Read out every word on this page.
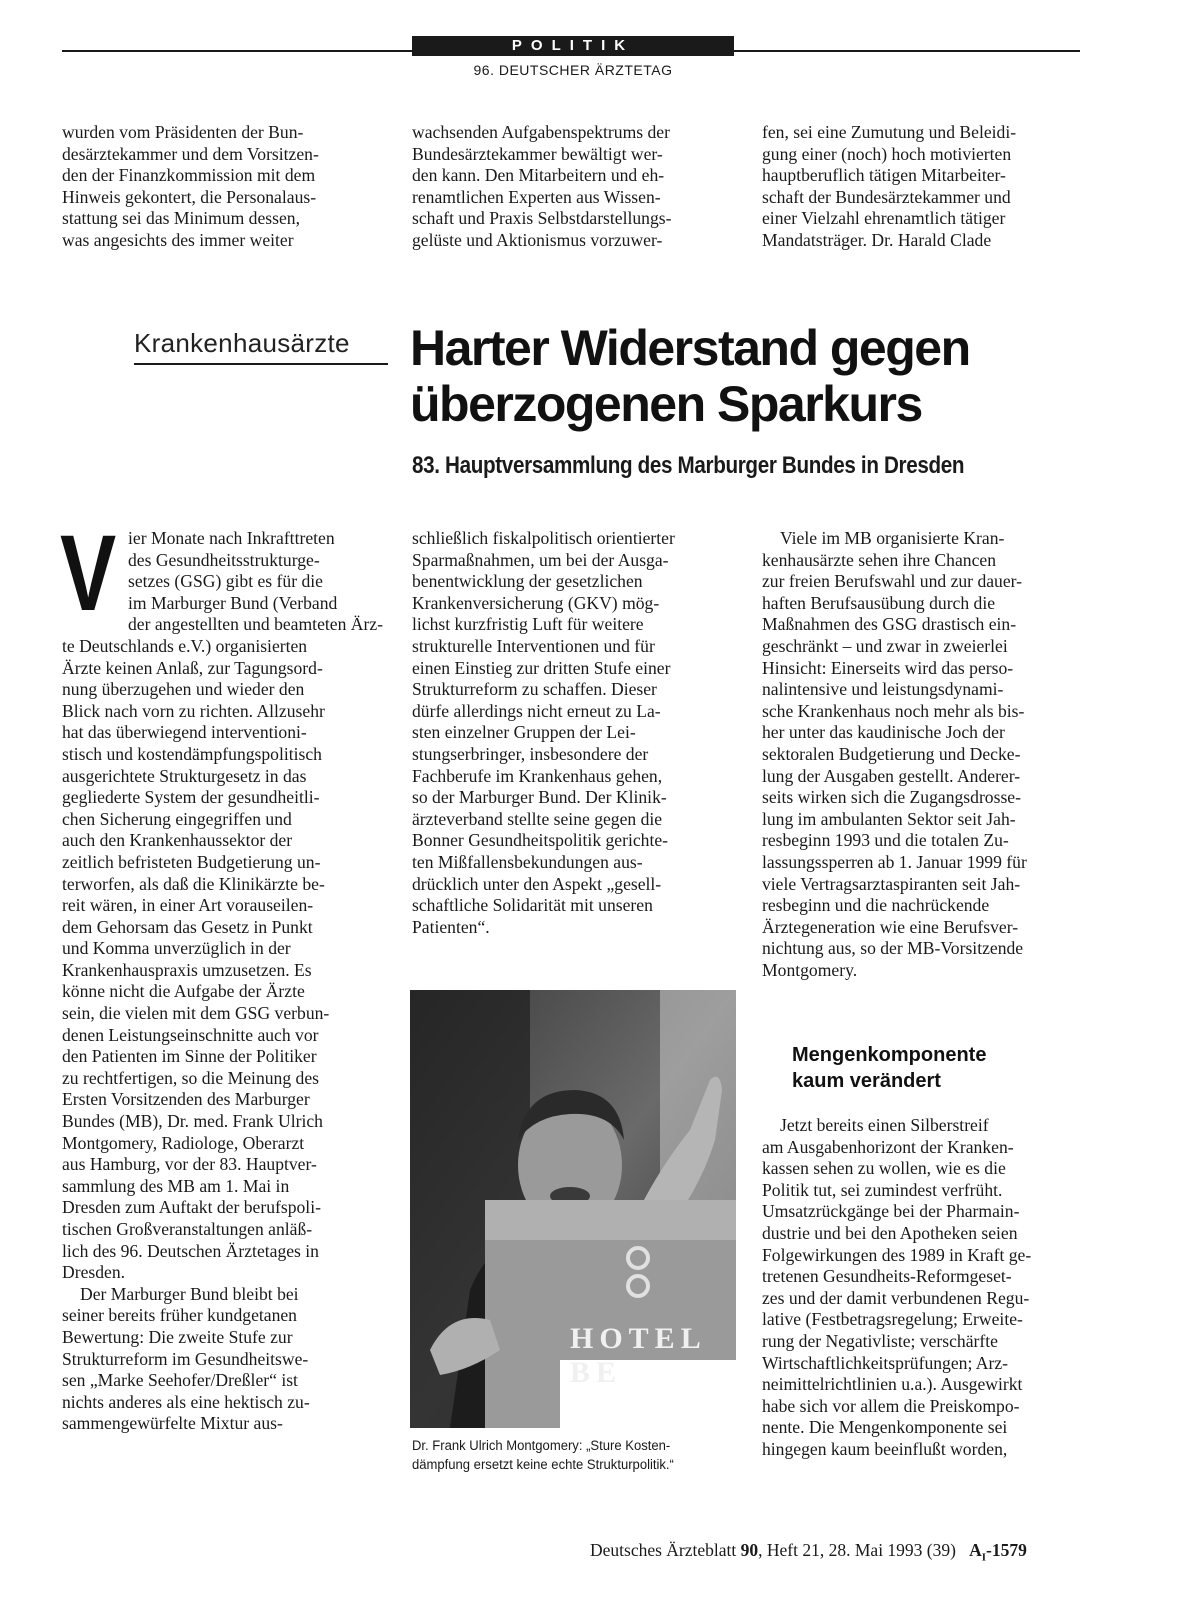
POLITIK
96. DEUTSCHER ÄRZTETAG

wurden vom Präsidenten der Bun-
desärztekammer und dem Vorsitzen-
den der Finanzkommission mit dem
Hinweis gekontert, die Personalaus-
stattung sei das Minimum dessen,
was angesichts des immer weiter

wachsenden Aufgabenspektrums der
Bundesärztekammer bewältigt wer-
den kann. Den Mitarbeitern und eh-
renamtlichen Experten aus Wissen-
schaft und Praxis Selbstdarstellungs-
gelüste und Aktionismus vorzuwer-

fen, sei eine Zumutung und Beleidi-
gung einer (noch) hoch motivierten
hauptberuflich tätigen Mitarbeiter-
schaft der Bundesärztekammer und
einer Vielzahl ehrenamtlich tätiger
Mandatsträger. Dr. Harald Clade

Krankenhausärzte Harter Widerstand gegen
überzogenen Sparkurs
83. Hauptversammlung des Marburger Bundes in Dresden
V ier Monate nach Inkrafttreten
des Gesundheitsstrukturge-
setzes (GSG) gibt es für die
im Marburger Bund (Verband
der angestellten und beamteten Ärz-
te Deutschlands e.V.) organisierten
Ärzte keinen Anlaß, zur Tagungsord-
nung überzugehen und wieder den
Blick nach vorn zu richten. Allzusehr
hat das überwiegend interventioni-
stisch und kostendämpfungspolitisch
ausgerichtete Strukturgesetz in das
gegliederte System der gesundheitli-
chen Sicherung eingegriffen und
auch den Krankenhaussektor der
zeitlich befristeten Budgetierung un-
terworfen, als daß die Klinikärzte be-
reit wären, in einer Art vorauseilen-
dem Gehorsam das Gesetz in Punkt
und Komma unverzüglich in der
Krankenhauspraxis umzusetzen. Es
könne nicht die Aufgabe der Ärzte
sein, die vielen mit dem GSG verbun-
denen Leistungseinschnitte auch vor
den Patienten im Sinne der Politiker
zu rechtfertigen, so die Meinung des
Ersten Vorsitzenden des Marburger
Bundes (MB), Dr. med. Frank Ulrich
Montgomery, Radiologe, Oberarzt
aus Hamburg, vor der 83. Hauptver-
sammlung des MB am 1. Mai in
Dresden zum Auftakt der berufspoli-
tischen Großveranstaltungen anläß-
lich des 96. Deutschen Ärztetages in
Dresden.

Der Marburger Bund bleibt bei
seiner bereits früher kundgetanen
Bewertung: Die zweite Stufe zur
Strukturreform im Gesundheitswe-
sen „Marke Seehofer/Dreßler“ ist
nichts anderes als eine hektisch zu-
sammengewürfelte Mixtur aus-

schließlich fiskalpolitisch orientierter
Sparmaßnahmen, um bei der Ausga-
benentwicklung der gesetzlichen
Krankenversicherung (GKV) mög-
lichst kurzfristig Luft für weitere
strukturelle Interventionen und für
einen Einstieg zur dritten Stufe einer
Strukturreform zu schaffen. Dieser
dürfe allerdings nicht erneut zu La-
sten einzelner Gruppen der Lei-
stungserbringer, insbesondere der
Fachberufe im Krankenhaus gehen,
so der Marburger Bund. Der Klinik-
ärzteverband stellte seine gegen die
Bonner Gesundheitspolitik gerichte-
ten Mißfallensbekundungen aus-
drücklich unter den Aspekt „gesell-
schaftliche Solidarität mit unseren
Patienten“.

HOTEL BE

Dr. Frank Ulrich Montgomery: „Sture Kosten-
dämpfung ersetzt keine echte Strukturpolitik.“

Viele im MB organisierte Kran-
kenhausärzte sehen ihre Chancen
zur freien Berufswahl und zur dauer-
haften Berufsausübung durch die
Maßnahmen des GSG drastisch ein-
geschränkt – und zwar in zweierlei
Hinsicht: Einerseits wird das perso-
nalintensive und leistungsdynami-
sche Krankenhaus noch mehr als bis-
her unter das kaudinische Joch der
sektoralen Budgetierung und Decke-
lung der Ausgaben gestellt. Anderer-
seits wirken sich die Zugangsdrosse-
lung im ambulanten Sektor seit Jah-
resbeginn 1993 und die totalen Zu-
lassungssperren ab 1. Januar 1999 für
viele Vertragsarztaspiranten seit Jah-
resbeginn und die nachrückende
Ärztegeneration wie eine Berufsver-
nichtung aus, so der MB-Vorsitzende
Montgomery.

Mengenkomponente
kaum verändert

Jetzt bereits einen Silberstreif
am Ausgabenhorizont der Kranken-
kassen sehen zu wollen, wie es die
Politik tut, sei zumindest verfrüht.
Umsatzrückgänge bei der Pharmain-
dustrie und bei den Apotheken seien
Folgewirkungen des 1989 in Kraft ge-
tretenen Gesundheits-Reformgeset-
zes und der damit verbundenen Regu-
lative (Festbetragsregelung; Erweite-
rung der Negativliste; verschärfte
Wirtschaftlichkeitsprüfungen; Arz-
neimittelrichtlinien u.a.). Ausgewirkt
habe sich vor allem die Preiskompo-
nente. Die Mengenkomponente sei
hingegen kaum beeinflußt worden,

Deutsches Ärzteblatt 90, Heft 21, 28. Mai 1993 (39) $A_I-1579$
